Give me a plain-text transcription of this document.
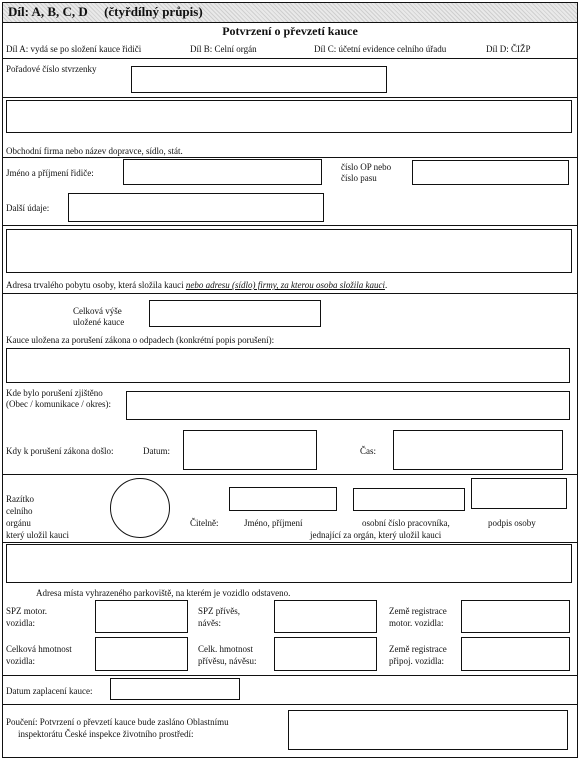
Díl: A, B, C, D (čtyřdílný průpis)
Potvrzení o převzetí kauce
Díl A: vydá se po složení kauce řidiči	Díl B: Celní orgán	Díl C: účetní evidence celního úřadu	Díl D: ČIŽP
Pořadové číslo stvrzenky
Obchodní firma nebo název dopravce, sídlo, stát.
Jméno a příjmení řidiče:
číslo OP nebo
číslo pasu
Další údaje:
Adresa trvalého pobytu osoby, která složila kauci nebo adresu (sídlo) firmy, za kterou osoba složila kauci.
Celková výše
uložené kauce
Kauce uložena za porušení zákona o odpadech (konkrétní popis porušení):
Kde bylo porušení zjištěno
(Obec / komunikace / okres):
Kdy k porušení zákona došlo:	Datum:	Čas:
Razítko
celního
orgánu
který uložil kauci
Čitelně:	Jméno, příjmení	osobní číslo pracovníka,	podpis osoby
jednající za orgán, který uložil kauci
Adresa místa vyhrazeného parkoviště, na kterém je vozidlo odstaveno.
SPZ motor.
vozidla:
SPZ přívěs,
návěs:
Země registrace
motor. vozidla:
Celková hmotnost
vozidla:
Celk. hmotnost
přívěsu, návěsu:
Země registrace
připoj. vozidla:
Datum zaplacení kauce:
Poučení: Potvrzení o převzetí kauce bude zasláno Oblastnímu
inspektorátu České inspekce životního prostředí:
